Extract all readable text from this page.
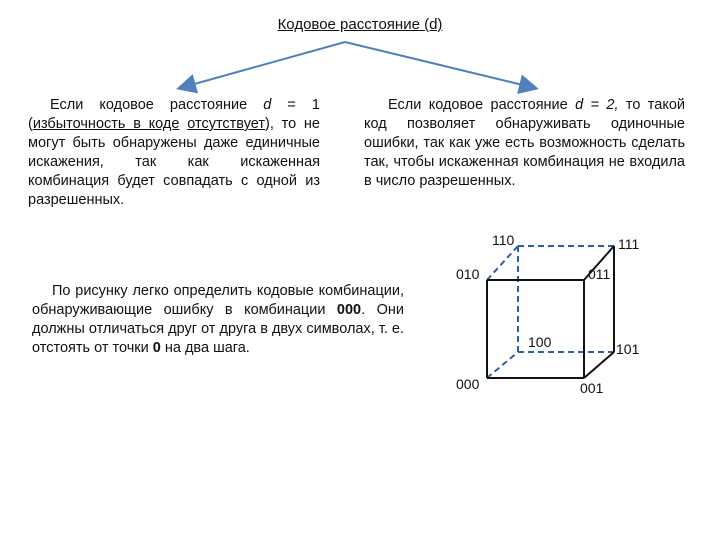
Кодовое расстояние (d)
Если кодовое расстояние d = 1 (избыточность в коде отсутствует), то не могут быть обнаружены даже единичные искажения, так как искаженная комбинация будет совпадать с одной из разрешенных.
Если кодовое расстояние d = 2, то такой код позволяет обнаруживать одиночные ошибки, так как уже есть возможность сделать так, чтобы искаженная комбинация не входила в число разрешенных.
По рисунку легко определить кодовые комбинации, обнаруживающие ошибку в комбинации 000. Они должны отличаться друг от друга в двух символах, т. е. отстоять от точки 0 на два шага.
110	111
010	011
100	101
000	001
